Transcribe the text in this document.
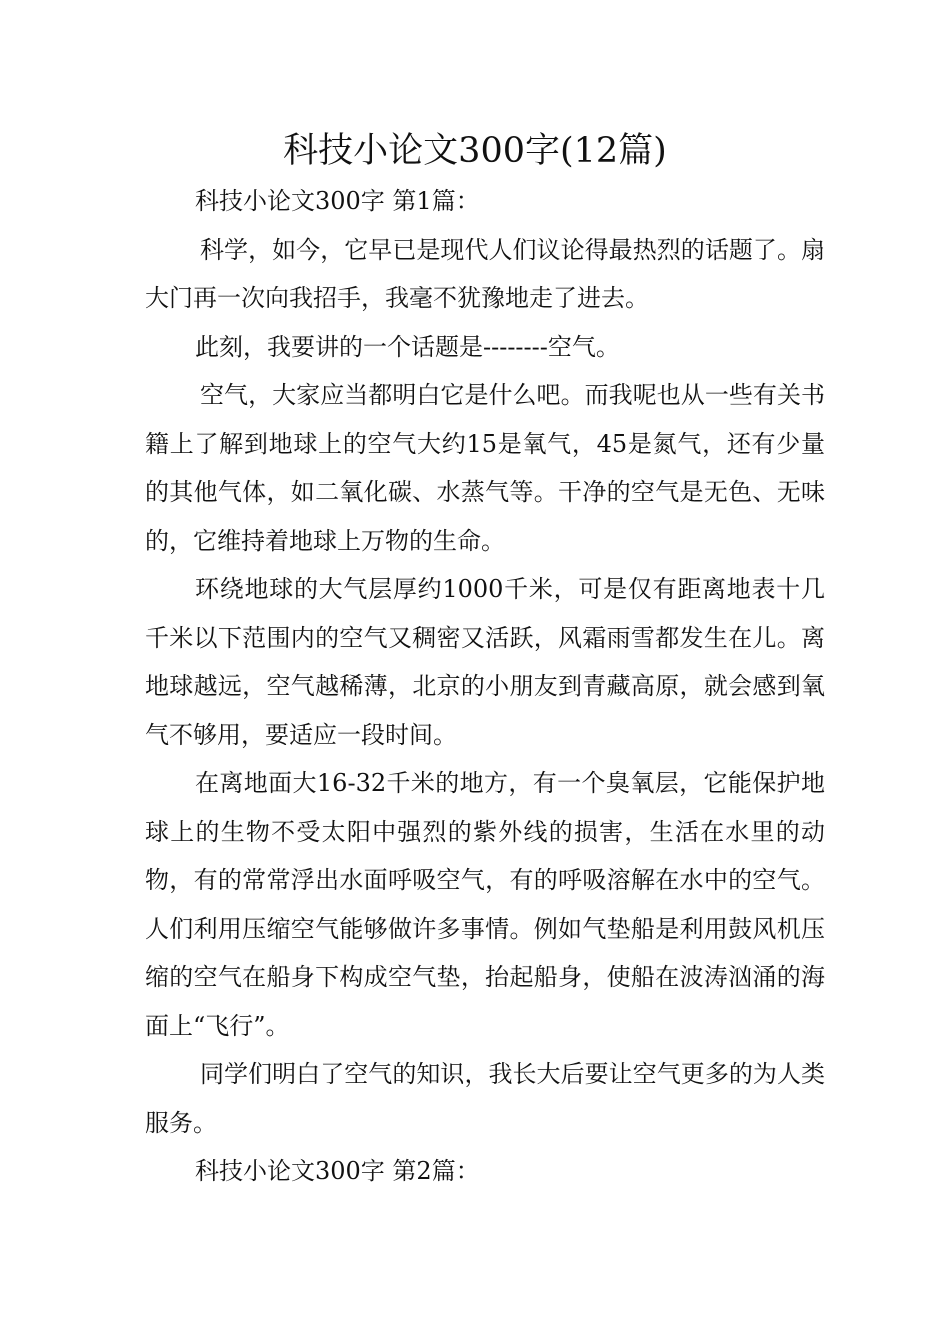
科技小论文300字(12篇)

科技小论文300字 第1篇：

科学，如今，它早已是现代人们议论得最热烈的话题了。扇大门再一次向我招手，我毫不犹豫地走了进去。

此刻，我要讲的一个话题是--------空气。

空气，大家应当都明白它是什么吧。而我呢也从一些有关书籍上了解到地球上的空气大约15是氧气，45是氮气，还有少量的其他气体，如二氧化碳、水蒸气等。干净的空气是无色、无味的，它维持着地球上万物的生命。

环绕地球的大气层厚约1000千米，可是仅有距离地表十几千米以下范围内的空气又稠密又活跃，风霜雨雪都发生在儿。离地球越远，空气越稀薄，北京的小朋友到青藏高原，就会感到氧气不够用，要适应一段时间。

在离地面大16-32千米的地方，有一个臭氧层，它能保护地球上的生物不受太阳中强烈的紫外线的损害，生活在水里的动物，有的常常浮出水面呼吸空气，有的呼吸溶解在水中的空气。人们利用压缩空气能够做许多事情。例如气垫船是利用鼓风机压缩的空气在船身下构成空气垫，抬起船身，使船在波涛汹涌的海面上“飞行”。

同学们明白了空气的知识，我长大后要让空气更多的为人类服务。

科技小论文300字 第2篇：
